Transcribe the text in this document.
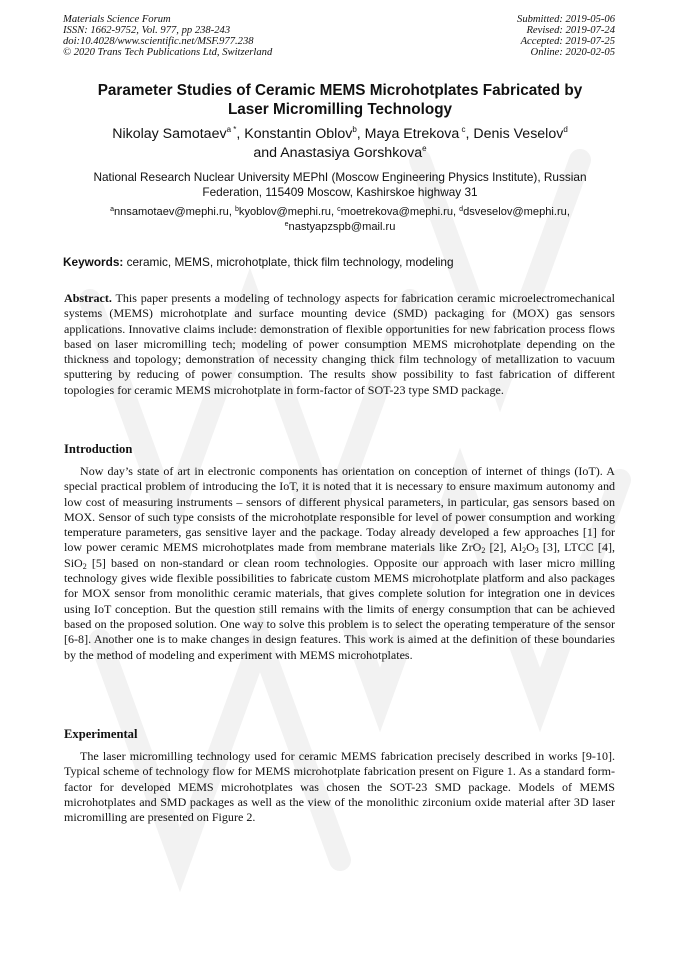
Materials Science Forum
ISSN: 1662-9752, Vol. 977, pp 238-243
doi:10.4028/www.scientific.net/MSF.977.238
© 2020 Trans Tech Publications Ltd, Switzerland
Submitted: 2019-05-06
Revised: 2019-07-24
Accepted: 2019-07-25
Online: 2020-02-05
Parameter Studies of Ceramic MEMS Microhotplates Fabricated by
Laser Micromilling Technology
Nikolay Samotaev$^{a *}$, Konstantin Oblov$^b$, Maya Etrekova $^c$, Denis Veselov$^d$
and Anastasiya Gorshkova$^e$
National Research Nuclear University MEPhI (Moscow Engineering Physics Institute), Russian
Federation, 115409 Moscow, Kashirskoe highway 31
$^a$nnsamotaev@mephi.ru, $^b$kyoblov@mephi.ru, $^c$moetrekova@mephi.ru, $^d$dsveselov@mephi.ru,
$^e$nastyapzspb@mail.ru
Keywords: ceramic, MEMS, microhotplate, thick film technology, modeling
Abstract. This paper presents a modeling of technology aspects for fabrication ceramic microelectromechanical systems (MEMS) microhotplate and surface mounting device (SMD) packaging for (MOX) gas sensors applications. Innovative claims include: demonstration of flexible opportunities for new fabrication process flows based on laser micromilling tech; modeling of power consumption MEMS microhotplate depending on the thickness and topology; demonstration of necessity changing thick film technology of metallization to vacuum sputtering by reducing of power consumption. The results show possibility to fast fabrication of different topologies for ceramic MEMS microhotplate in form-factor of SOT-23 type SMD package.
Introduction
Now day’s state of art in electronic components has orientation on conception of internet of things (IoT). A special practical problem of introducing the IoT, it is noted that it is necessary to ensure maximum autonomy and low cost of measuring instruments – sensors of different physical parameters, in particular, gas sensors based on MOX. Sensor of such type consists of the microhotplate responsible for level of power consumption and working temperature parameters, gas sensitive layer and the package. Today already developed a few approaches [1] for low power ceramic MEMS microhotplates made from membrane materials like ZrO$_2$ [2], $Al_2O_3$ [3], LTCC [4], SiO$_2$ [5] based on non-standard or clean room technologies. Opposite our approach with laser micro milling technology gives wide flexible possibilities to fabricate custom MEMS microhotplate platform and also packages for MOX sensor from monolithic ceramic materials, that gives complete solution for integration one in devices using IoT conception. But the question still remains with the limits of energy consumption that can be achieved based on the proposed solution. One way to solve this problem is to select the operating temperature of the sensor [6-8]. Another one is to make changes in design features. This work is aimed at the definition of these boundaries by the method of modeling and experiment with MEMS microhotplates.
Experimental
The laser micromilling technology used for ceramic MEMS fabrication precisely described in works [9-10]. Typical scheme of technology flow for MEMS microhotplate fabrication present on Figure 1. As a standard form-factor for developed MEMS microhotplates was chosen the SOT-23 SMD package. Models of MEMS microhotplates and SMD packages as well as the view of the monolithic zirconium oxide material after 3D laser micromilling are presented on Figure 2.
